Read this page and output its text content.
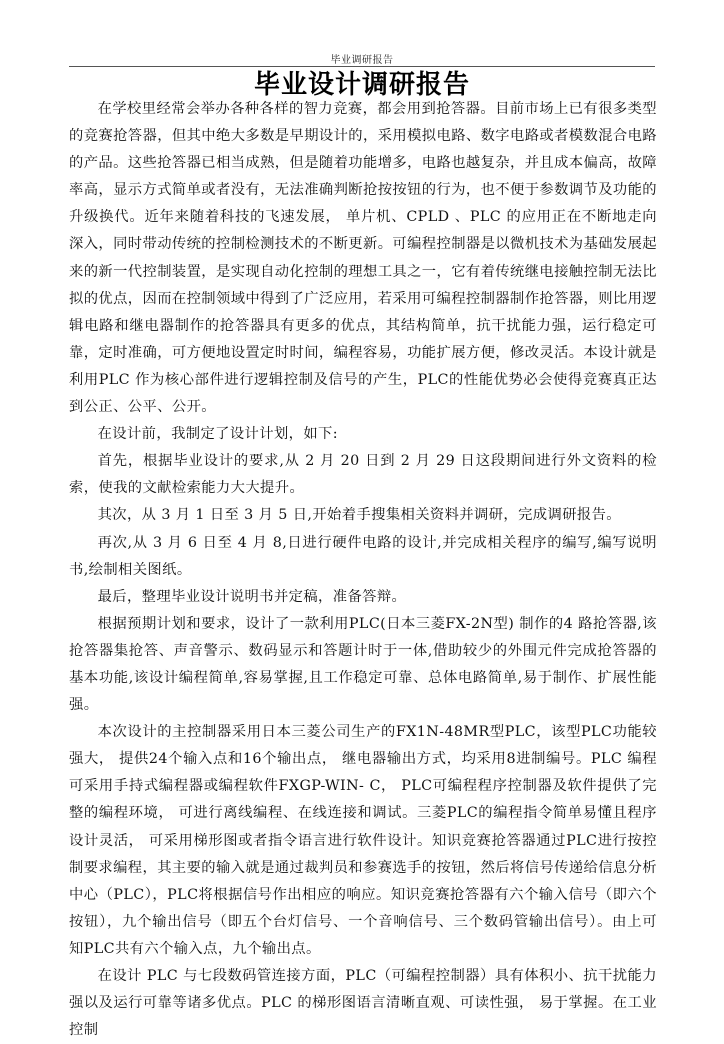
毕业调研报告
毕业设计调研报告

在学校里经常会举办各种各样的智力竞赛，都会用到抢答器。目前市场上已有很多类型的竞赛抢答器，但其中绝大多数是早期设计的，采用模拟电路、数字电路或者模数混合电路的产品。这些抢答器已相当成熟，但是随着功能增多，电路也越复杂，并且成本偏高，故障率高，显示方式简单或者没有，无法准确判断抢按按钮的行为，也不便于参数调节及功能的升级换代。近年来随着科技的飞速发展， 单片机、CPLD 、PLC 的应用正在不断地走向深入，同时带动传统的控制检测技术的不断更新。可编程控制器是以微机技术为基础发展起来的新一代控制装置，是实现自动化控制的理想工具之一，它有着传统继电接触控制无法比拟的优点，因而在控制领域中得到了广泛应用，若采用可编程控制器制作抢答器，则比用逻辑电路和继电器制作的抢答器具有更多的优点，其结构简单，抗干扰能力强，运行稳定可靠，定时准确，可方便地设置定时时间，编程容易，功能扩展方便，修改灵活。本设计就是利用PLC 作为核心部件进行逻辑控制及信号的产生，PLC的性能优势必会使得竞赛真正达到公正、公平、公开。

在设计前，我制定了设计计划，如下:

首先，根据毕业设计的要求,从 2 月 20 日到 2 月 29 日这段期间进行外文资料的检索，使我的文献检索能力大大提升。

其次，从 3 月 1 日至 3 月 5 日,开始着手搜集相关资料并调研，完成调研报告。

再次,从 3 月 6 日至 4 月 8,日进行硬件电路的设计,并完成相关程序的编写,编写说明书,绘制相关图纸。

最后，整理毕业设计说明书并定稿，准备答辩。

根据预期计划和要求，设计了一款利用PLC(日本三菱FX-2N型) 制作的4 路抢答器,该抢答器集抢答、声音警示、数码显示和答题计时于一体,借助较少的外围元件完成抢答器的基本功能,该设计编程简单,容易掌握,且工作稳定可靠、总体电路简单,易于制作、扩展性能强。

本次设计的主控制器采用日本三菱公司生产的FX1N-48MR型PLC，该型PLC功能较强大， 提供24个输入点和16个输出点， 继电器输出方式，均采用8进制编号。PLC 编程可采用手持式编程器或编程软件FXGP-WIN- C， PLC可编程程序控制器及软件提供了完整的编程环境， 可进行离线编程、在线连接和调试。三菱PLC的编程指令简单易懂且程序设计灵活， 可采用梯形图或者指令语言进行软件设计。知识竞赛抢答器通过PLC进行按控制要求编程，其主要的输入就是通过裁判员和参赛选手的按钮，然后将信号传递给信息分析中心（PLC），PLC将根据信号作出相应的响应。知识竞赛抢答器有六个输入信号（即六个按钮），九个输出信号（即五个台灯信号、一个音响信号、三个数码管输出信号）。由上可知PLC共有六个输入点，九个输出点。

在设计 PLC 与七段数码管连接方面，PLC（可编程控制器）具有体积小、抗干扰能力强以及运行可靠等诸多优点。PLC 的梯形图语言清晰直观、可读性强， 易于掌握。在工业控制
